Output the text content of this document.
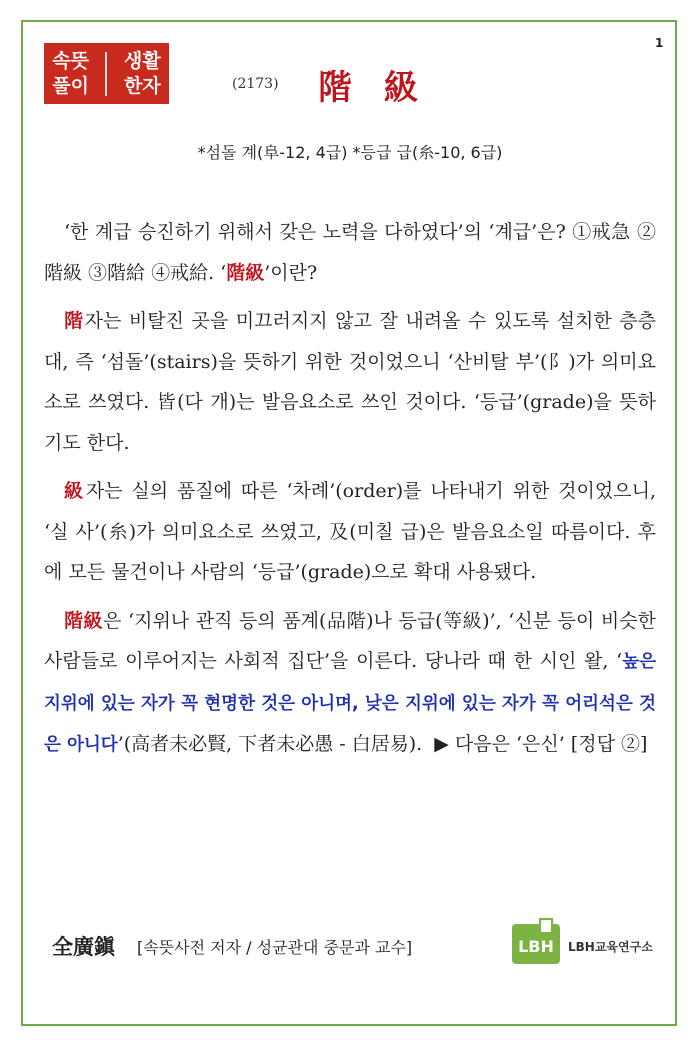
1
속뜻
풀이
생활
한자	(2173) 階 級
*섬돌 계(阜-12, 4급) *등급 급(糸-10, 6급)

‘한 계급 승진하기 위해서 갖은 노력을 다하였다’의 ‘계급’은? ①戒急 ②階級 ③階給 ④戒給. ‘階級’이란?

階자는 비탈진 곳을 미끄러지지 않고 잘 내려올 수 있도록 설치한 층층대, 즉 ‘섬돌’(stairs)을 뜻하기 위한 것이었으니 ‘산비탈 부’(阝)가 의미요소로 쓰였다. 皆(다 개)는 발음요소로 쓰인 것이다. ‘등급’(grade)을 뜻하기도 한다.

級자는 실의 품질에 따른 ‘차례’(order)를 나타내기 위한 것이었으니, ‘실 사’(糸)가 의미요소로 쓰였고, 及(미칠 급)은 발음요소일 따름이다. 후에 모든 물건이나 사람의 ‘등급’(grade)으로 확대 사용됐다.

階級은 ‘지위나 관직 등의 품계(品階)나 등급(等級)’, ‘신분 등이 비슷한 사람들로 이루어지는 사회적 집단’을 이른다. 당나라 때 한 시인 왈, ‘높은 지위에 있는 자가 꼭 현명한 것은 아니며, 낮은 지위에 있는 자가 꼭 어리석은 것은 아니다’(高者未必賢, 下者未必愚 - 白居易). ▶ 다음은 ‘은신’ [정답 ②]

全廣鎭 [속뜻사전 저자 / 성균관대 중문과 교수]	LBH LBH교육연구소
